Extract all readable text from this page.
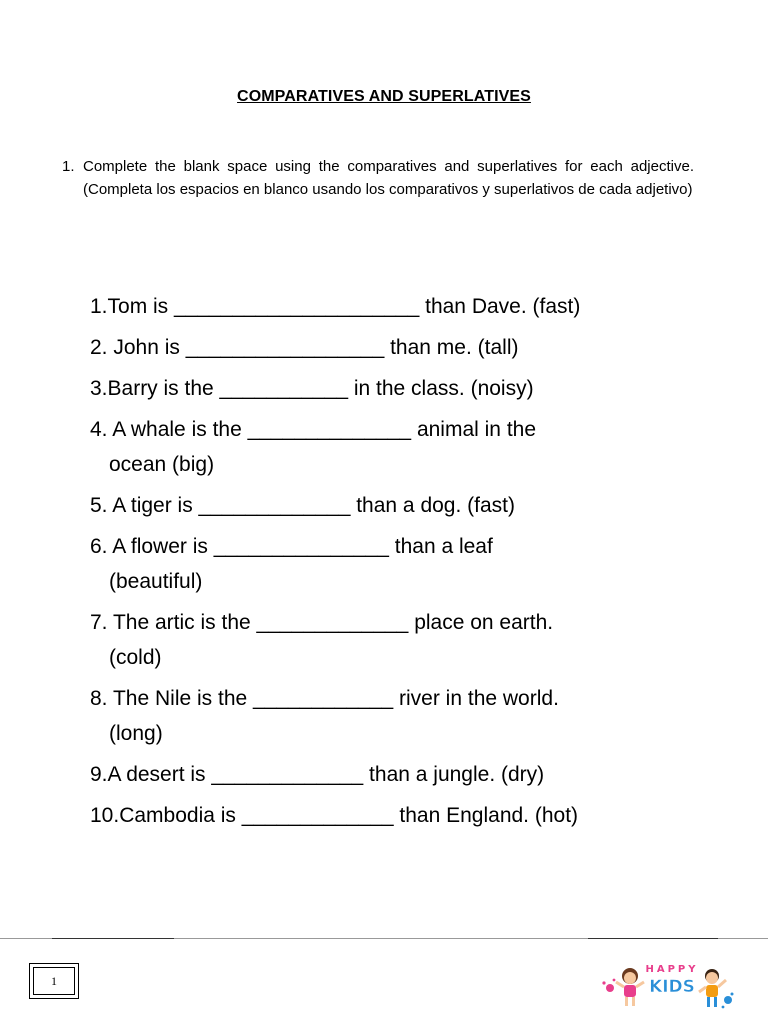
COMPARATIVES AND SUPERLATIVES
1. Complete the blank space using the comparatives and superlatives for each adjective. (Completa los espacios en blanco usando los comparativos y superlativos de cada adjetivo)
1.Tom is _____________________ than Dave. (fast)
2. John is _________________ than me. (tall)
3.Barry is the ___________ in the class. (noisy)
4. A whale is the ______________ animal in the
ocean (big)
5. A tiger is _____________ than a dog. (fast)
6. A flower is _______________ than a leaf
(beautiful)
7. The artic is the _____________ place on earth.
(cold)
8. The Nile is the ____________ river in the world.
(long)
9.A desert is _____________ than a jungle. (dry)
10.Cambodia is _____________ than England. (hot)
1
HAPPY
KIDS
